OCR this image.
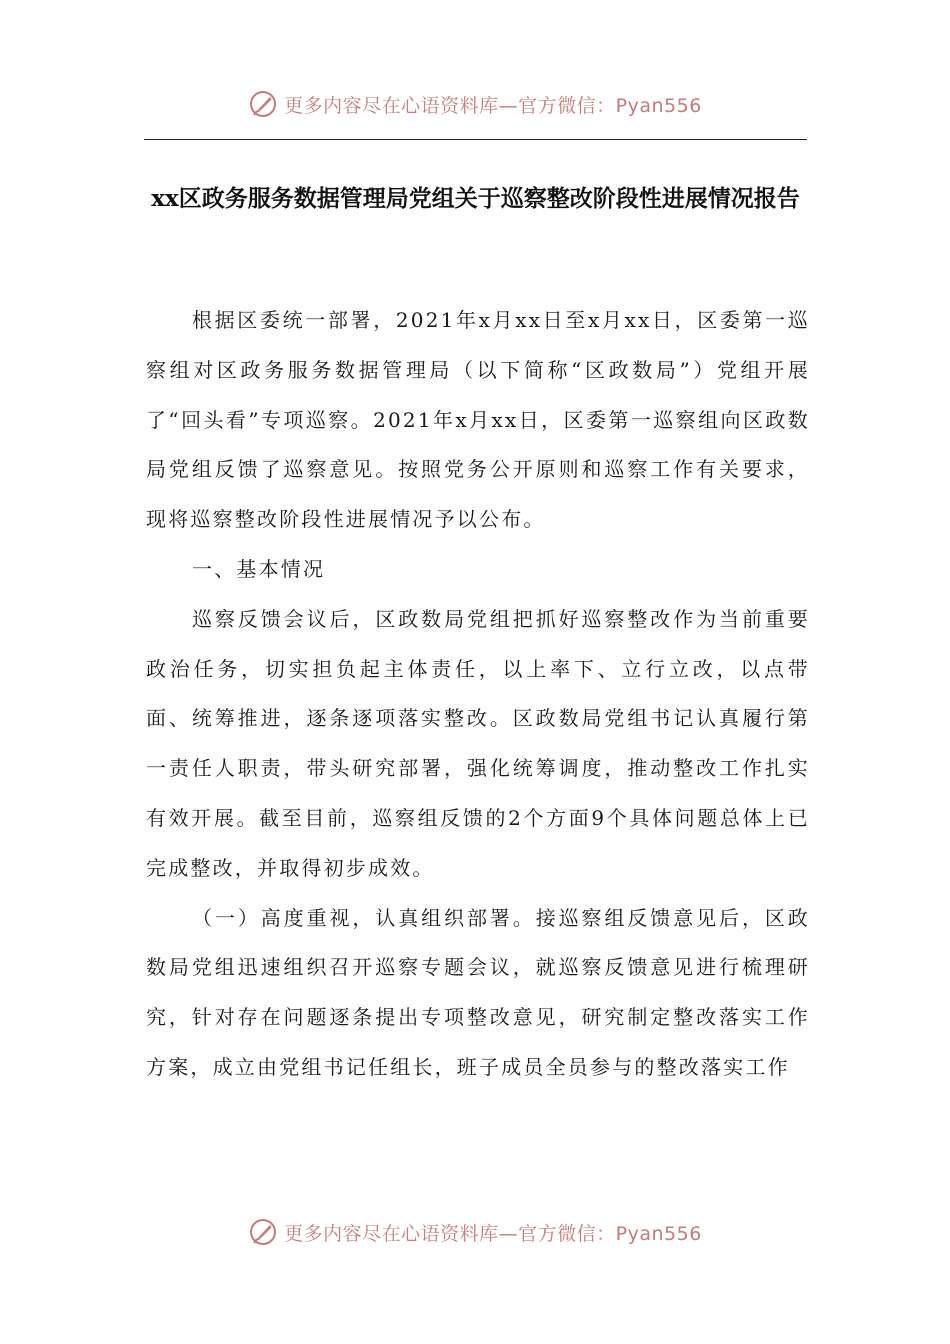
更多内容尽在心语资料库—官方微信：Pyan556
xx区政务服务数据管理局党组关于巡察整改阶段性进展情况报告

根据区委统一部署，2021年x月xx日至x月xx日，区委第一巡察组对区政务服务数据管理局（以下简称“区政数局”）党组开展了“回头看”专项巡察。2021年x月xx日，区委第一巡察组向区政数局党组反馈了巡察意见。按照党务公开原则和巡察工作有关要求，现将巡察整改阶段性进展情况予以公布。

一、基本情况

巡察反馈会议后，区政数局党组把抓好巡察整改作为当前重要政治任务，切实担负起主体责任，以上率下、立行立改，以点带面、统筹推进，逐条逐项落实整改。区政数局党组书记认真履行第一责任人职责，带头研究部署，强化统筹调度，推动整改工作扎实有效开展。截至目前，巡察组反馈的2个方面9个具体问题总体上已完成整改，并取得初步成效。

（一）高度重视，认真组织部署。接巡察组反馈意见后，区政数局党组迅速组织召开巡察专题会议，就巡察反馈意见进行梳理研究，针对存在问题逐条提出专项整改意见，研究制定整改落实工作方案，成立由党组书记任组长，班子成员全员参与的整改落实工作

更多内容尽在心语资料库—官方微信：Pyan556
